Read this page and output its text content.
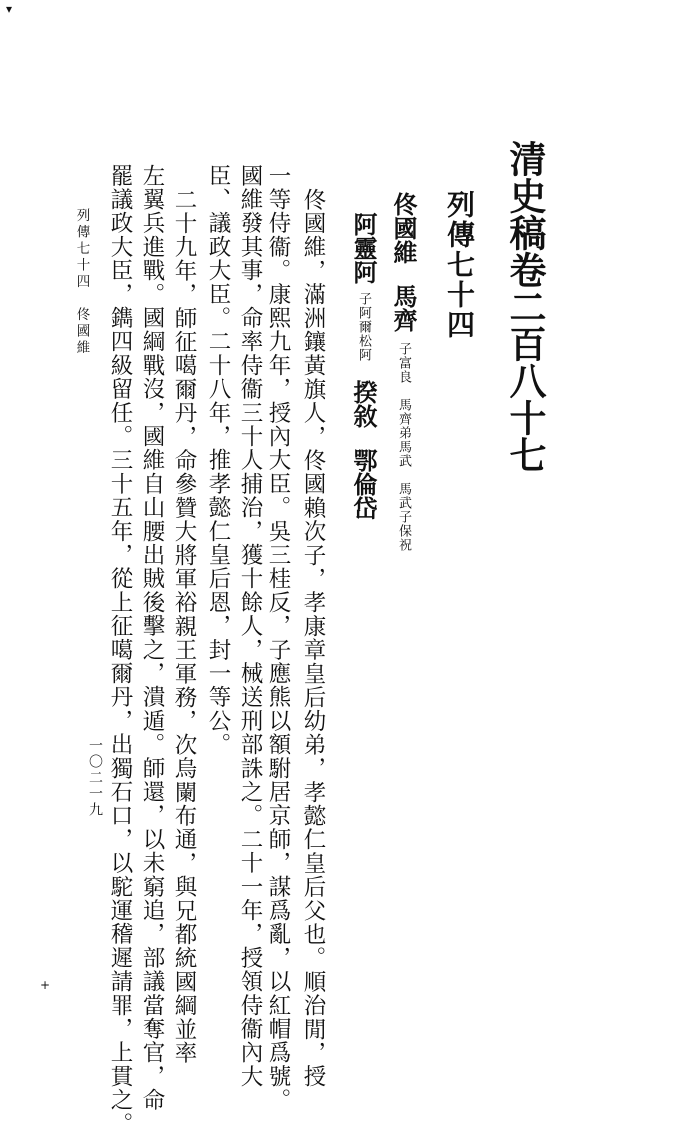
▾
清史稿卷二百八十七
列傳七十四
佟國維馬齊子富良　馬齊弟馬武　馬武子保祝
阿靈阿子阿爾松阿揆敘鄂倫岱
佟國維，滿洲鑲黃旗人，佟國賴次子，孝康章皇后幼弟，孝懿仁皇后父也。順治閒，授
一等侍衞。康熙九年，授內大臣。吳三桂反，子應熊以額駙居京師，謀爲亂，以紅帽爲號。
國維發其事，命率侍衞三十人捕治，獲十餘人，械送刑部誅之。二十一年，授領侍衞內大
臣、議政大臣。二十八年，推孝懿仁皇后恩，封一等公。
二十九年，師征噶爾丹，命參贊大將軍裕親王軍務，次烏闌布通，與兄都統國綱並率
左翼兵進戰。國綱戰沒，國維自山腰出賊後擊之，潰遁。師還，以未窮追，部議當奪官，命
罷議政大臣，鐫四級留任。三十五年，從上征噶爾丹，出獨石口，以駝運稽遲請罪，上貫之。
列傳七十四　佟國維
一〇二一九
+
